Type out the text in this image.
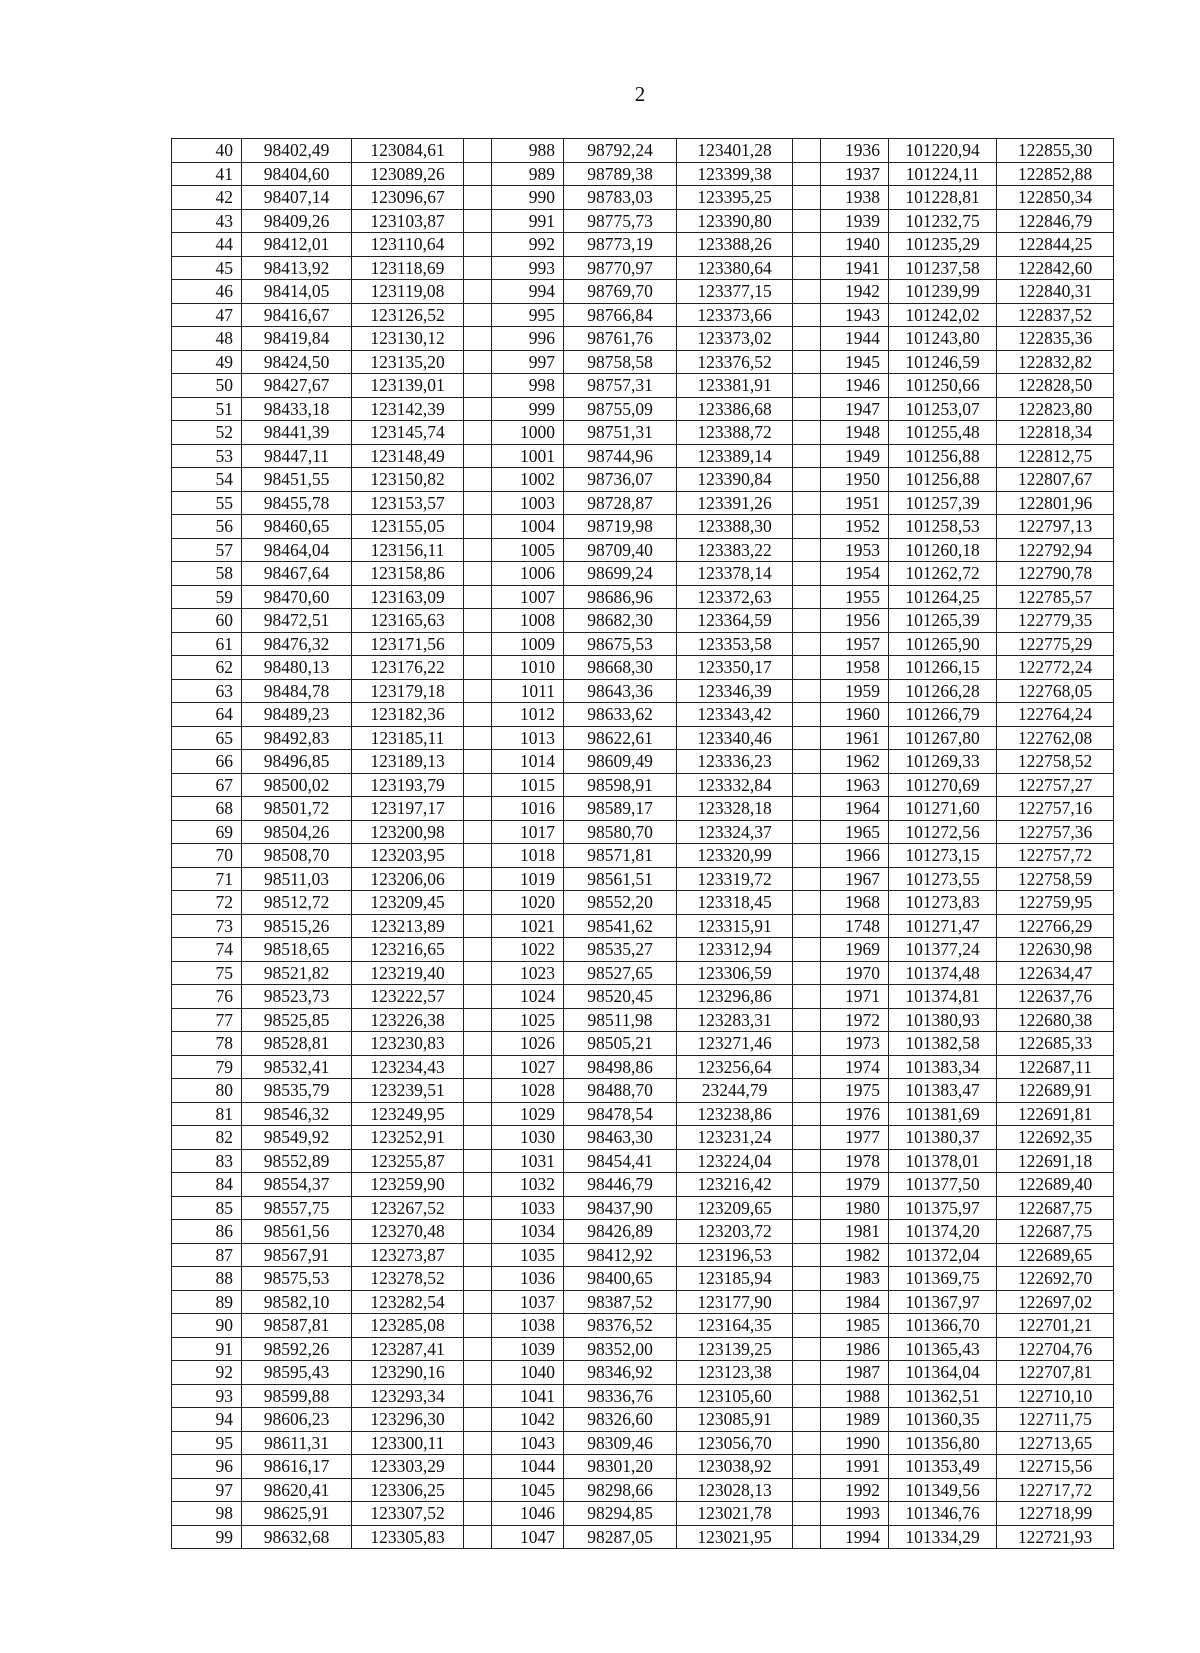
2
40	98402,49	123084,61		988	98792,24	123401,28		1936	101220,94	122855,30
41	98404,60	123089,26		989	98789,38	123399,38		1937	101224,11	122852,88
42	98407,14	123096,67		990	98783,03	123395,25		1938	101228,81	122850,34
43	98409,26	123103,87		991	98775,73	123390,80		1939	101232,75	122846,79
44	98412,01	123110,64		992	98773,19	123388,26		1940	101235,29	122844,25
45	98413,92	123118,69		993	98770,97	123380,64		1941	101237,58	122842,60
46	98414,05	123119,08		994	98769,70	123377,15		1942	101239,99	122840,31
47	98416,67	123126,52		995	98766,84	123373,66		1943	101242,02	122837,52
48	98419,84	123130,12		996	98761,76	123373,02		1944	101243,80	122835,36
49	98424,50	123135,20		997	98758,58	123376,52		1945	101246,59	122832,82
50	98427,67	123139,01		998	98757,31	123381,91		1946	101250,66	122828,50
51	98433,18	123142,39		999	98755,09	123386,68		1947	101253,07	122823,80
52	98441,39	123145,74		1000	98751,31	123388,72		1948	101255,48	122818,34
53	98447,11	123148,49		1001	98744,96	123389,14		1949	101256,88	122812,75
54	98451,55	123150,82		1002	98736,07	123390,84		1950	101256,88	122807,67
55	98455,78	123153,57		1003	98728,87	123391,26		1951	101257,39	122801,96
56	98460,65	123155,05		1004	98719,98	123388,30		1952	101258,53	122797,13
57	98464,04	123156,11		1005	98709,40	123383,22		1953	101260,18	122792,94
58	98467,64	123158,86		1006	98699,24	123378,14		1954	101262,72	122790,78
59	98470,60	123163,09		1007	98686,96	123372,63		1955	101264,25	122785,57
60	98472,51	123165,63		1008	98682,30	123364,59		1956	101265,39	122779,35
61	98476,32	123171,56		1009	98675,53	123353,58		1957	101265,90	122775,29
62	98480,13	123176,22		1010	98668,30	123350,17		1958	101266,15	122772,24
63	98484,78	123179,18		1011	98643,36	123346,39		1959	101266,28	122768,05
64	98489,23	123182,36		1012	98633,62	123343,42		1960	101266,79	122764,24
65	98492,83	123185,11		1013	98622,61	123340,46		1961	101267,80	122762,08
66	98496,85	123189,13		1014	98609,49	123336,23		1962	101269,33	122758,52
67	98500,02	123193,79		1015	98598,91	123332,84		1963	101270,69	122757,27
68	98501,72	123197,17		1016	98589,17	123328,18		1964	101271,60	122757,16
69	98504,26	123200,98		1017	98580,70	123324,37		1965	101272,56	122757,36
70	98508,70	123203,95		1018	98571,81	123320,99		1966	101273,15	122757,72
71	98511,03	123206,06		1019	98561,51	123319,72		1967	101273,55	122758,59
72	98512,72	123209,45		1020	98552,20	123318,45		1968	101273,83	122759,95
73	98515,26	123213,89		1021	98541,62	123315,91		1748	101271,47	122766,29
74	98518,65	123216,65		1022	98535,27	123312,94		1969	101377,24	122630,98
75	98521,82	123219,40		1023	98527,65	123306,59		1970	101374,48	122634,47
76	98523,73	123222,57		1024	98520,45	123296,86		1971	101374,81	122637,76
77	98525,85	123226,38		1025	98511,98	123283,31		1972	101380,93	122680,38
78	98528,81	123230,83		1026	98505,21	123271,46		1973	101382,58	122685,33
79	98532,41	123234,43		1027	98498,86	123256,64		1974	101383,34	122687,11
80	98535,79	123239,51		1028	98488,70	23244,79		1975	101383,47	122689,91
81	98546,32	123249,95		1029	98478,54	123238,86		1976	101381,69	122691,81
82	98549,92	123252,91		1030	98463,30	123231,24		1977	101380,37	122692,35
83	98552,89	123255,87		1031	98454,41	123224,04		1978	101378,01	122691,18
84	98554,37	123259,90		1032	98446,79	123216,42		1979	101377,50	122689,40
85	98557,75	123267,52		1033	98437,90	123209,65		1980	101375,97	122687,75
86	98561,56	123270,48		1034	98426,89	123203,72		1981	101374,20	122687,75
87	98567,91	123273,87		1035	98412,92	123196,53		1982	101372,04	122689,65
88	98575,53	123278,52		1036	98400,65	123185,94		1983	101369,75	122692,70
89	98582,10	123282,54		1037	98387,52	123177,90		1984	101367,97	122697,02
90	98587,81	123285,08		1038	98376,52	123164,35		1985	101366,70	122701,21
91	98592,26	123287,41		1039	98352,00	123139,25		1986	101365,43	122704,76
92	98595,43	123290,16		1040	98346,92	123123,38		1987	101364,04	122707,81
93	98599,88	123293,34		1041	98336,76	123105,60		1988	101362,51	122710,10
94	98606,23	123296,30		1042	98326,60	123085,91		1989	101360,35	122711,75
95	98611,31	123300,11		1043	98309,46	123056,70		1990	101356,80	122713,65
96	98616,17	123303,29		1044	98301,20	123038,92		1991	101353,49	122715,56
97	98620,41	123306,25		1045	98298,66	123028,13		1992	101349,56	122717,72
98	98625,91	123307,52		1046	98294,85	123021,78		1993	101346,76	122718,99
99	98632,68	123305,83		1047	98287,05	123021,95		1994	101334,29	122721,93
